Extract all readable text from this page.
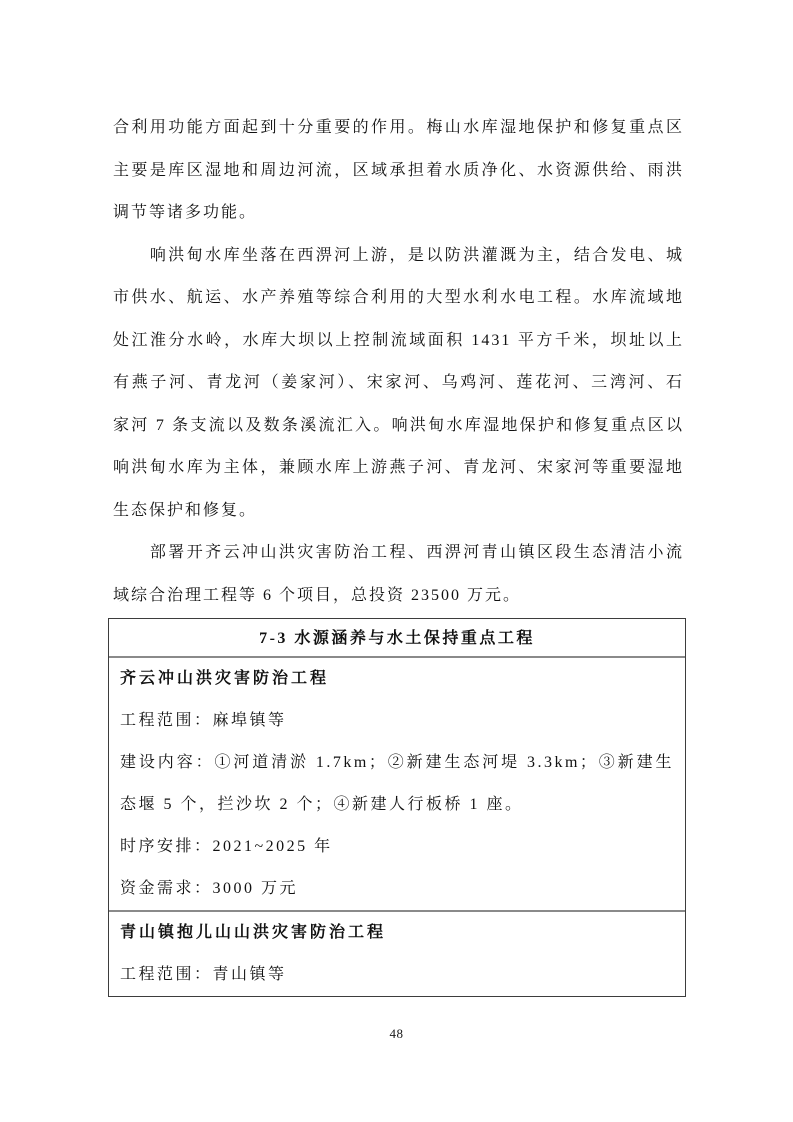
合利用功能方面起到十分重要的作用。梅山水库湿地保护和修复重点区
主要是库区湿地和周边河流，区域承担着水质净化、水资源供给、雨洪
调节等诸多功能。
　　响洪甸水库坐落在西淠河上游，是以防洪灌溉为主，结合发电、城
市供水、航运、水产养殖等综合利用的大型水利水电工程。水库流域地
处江淮分水岭，水库大坝以上控制流域面积 1431 平方千米，坝址以上
有燕子河、青龙河（姜家河）、宋家河、乌鸡河、莲花河、三湾河、石
家河 7 条支流以及数条溪流汇入。响洪甸水库湿地保护和修复重点区以
响洪甸水库为主体，兼顾水库上游燕子河、青龙河、宋家河等重要湿地
生态保护和修复。
　　部署开齐云冲山洪灾害防治工程、西淠河青山镇区段生态清洁小流
域综合治理工程等 6 个项目，总投资 23500 万元。
7-3 水源涵养与水土保持重点工程
齐云冲山洪灾害防治工程
工程范围：麻埠镇等
建设内容：①河道清淤 1.7km；②新建生态河堤 3.3km；③新建生态堰 5 个，拦沙坎 2 个；④新建人行板桥 1 座。
时序安排：2021~2025 年
资金需求：3000 万元
青山镇抱儿山山洪灾害防治工程
工程范围：青山镇等
48
